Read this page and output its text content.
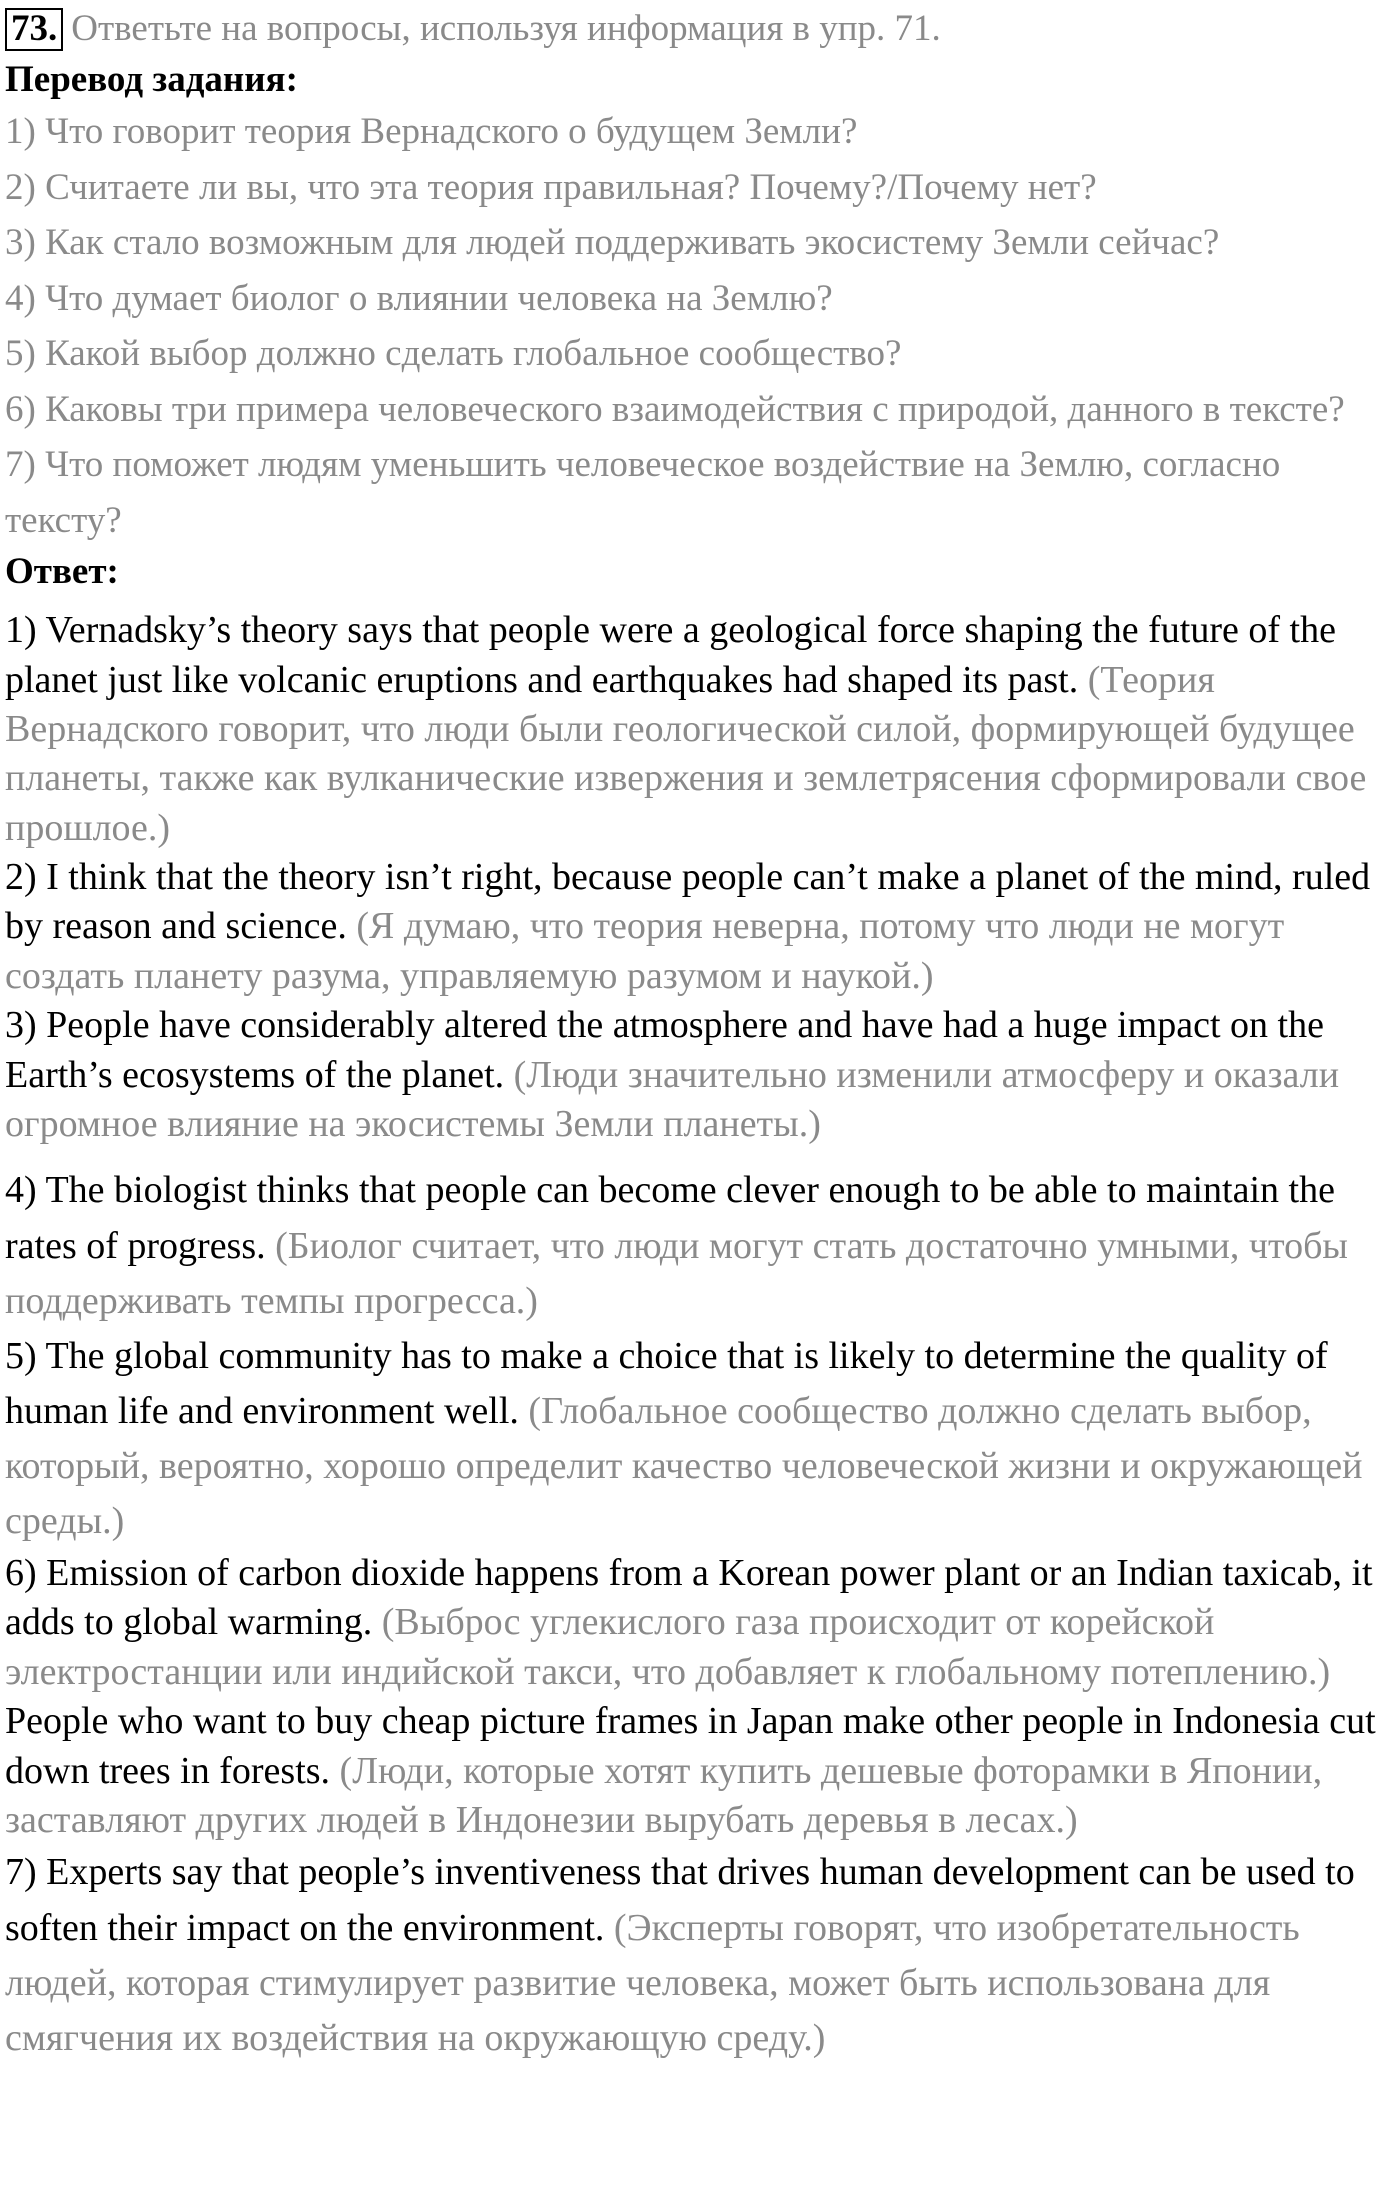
73. Ответьте на вопросы, используя информация в упр. 71.
Перевод задания:
1) Что говорит теория Вернадского о будущем Земли?
2) Считаете ли вы, что эта теория правильная? Почему?/Почему нет?
3) Как стало возможным для людей поддерживать экосистему Земли сейчас?
4) Что думает биолог о влиянии человека на Землю?
5) Какой выбор должно сделать глобальное сообщество?
6) Каковы три примера человеческого взаимодействия с природой, данного в тексте?
7) Что поможет людям уменьшить человеческое воздействие на Землю, согласно тексту?
Ответ:
1) Vernadsky’s theory says that people were a geological force shaping the future of the planet just like volcanic eruptions and earthquakes had shaped its past. (Теория Вернадского говорит, что люди были геологической силой, формирующей будущее планеты, также как вулканические извержения и землетрясения сформировали свое прошлое.)
2) I think that the theory isn’t right, because people can’t make a planet of the mind, ruled by reason and science. (Я думаю, что теория неверна, потому что люди не могут создать планету разума, управляемую разумом и наукой.)
3) People have considerably altered the atmosphere and have had a huge impact on the Earth’s ecosystems of the planet. (Люди значительно изменили атмосферу и оказали огромное влияние на экосистемы Земли планеты.)
4) The biologist thinks that people can become clever enough to be able to maintain the rates of progress. (Биолог считает, что люди могут стать достаточно умными, чтобы поддерживать темпы прогресса.)
5) The global community has to make a choice that is likely to determine the quality of human life and environment well. (Глобальное сообщество должно сделать выбор, который, вероятно, хорошо определит качество человеческой жизни и окружающей среды.)
6) Emission of carbon dioxide happens from a Korean power plant or an Indian taxicab, it adds to global warming. (Выброс углекислого газа происходит от корейской электростанции или индийской такси, что добавляет к глобальному потеплению.) People who want to buy cheap picture frames in Japan make other people in Indonesia cut down trees in forests. (Люди, которые хотят купить дешевые фоторамки в Японии, заставляют других людей в Индонезии вырубать деревья в лесах.)
7) Experts say that people’s inventiveness that drives human development can be used to soften their impact on the environment. (Эксперты говорят, что изобретательность людей, которая стимулирует развитие человека, может быть использована для смягчения их воздействия на окружающую среду.)
